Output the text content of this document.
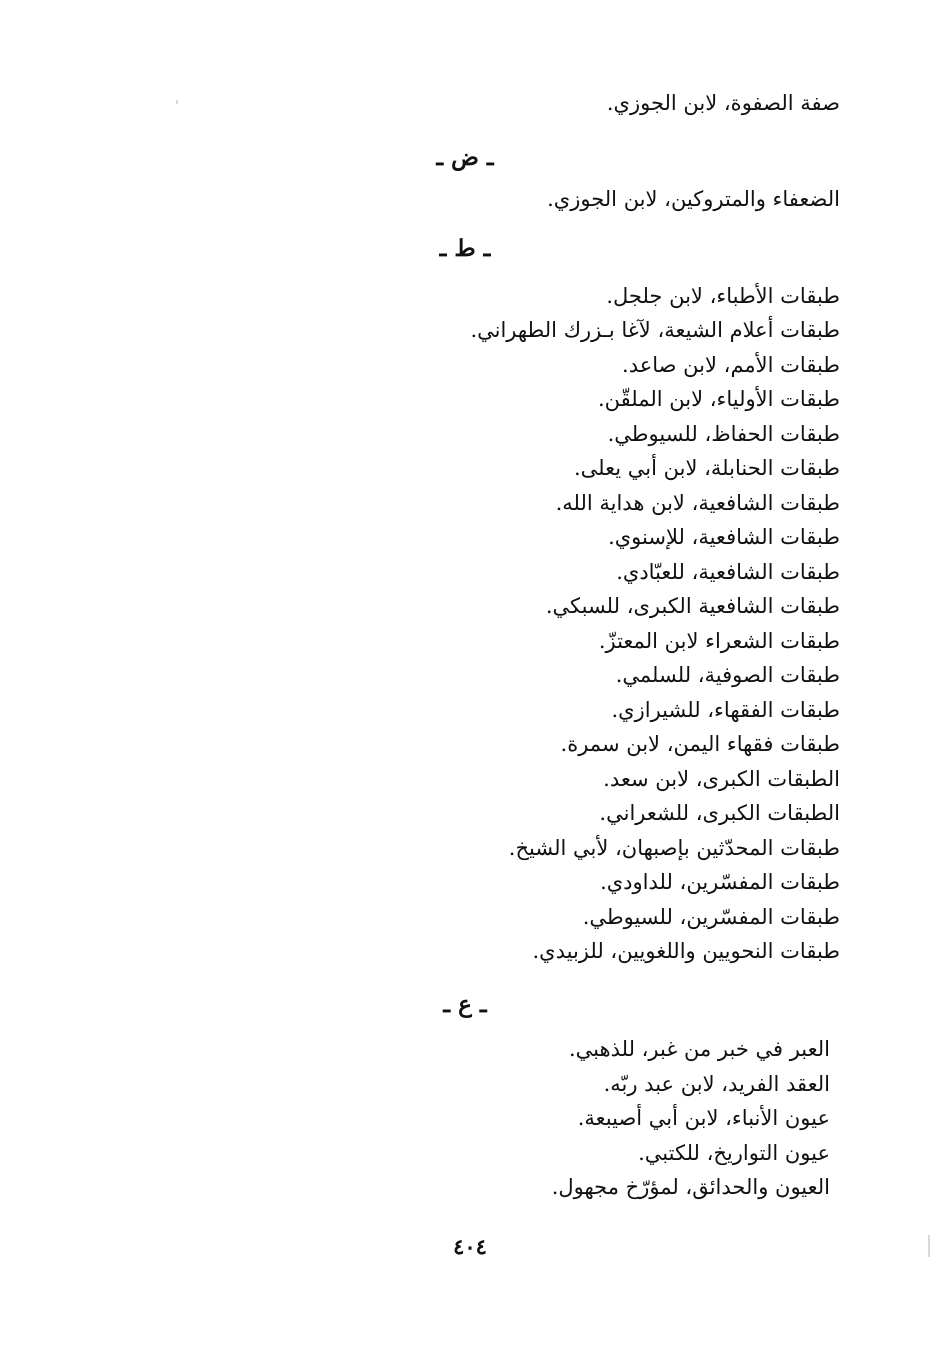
صفة الصفوة، لابن الجوزي.
ـ ض ـ
الضعفاء والمتروكين، لابن الجوزي.
ـ ط ـ
طبقات الأطباء، لابن جلجل.
طبقات أعلام الشيعة، لآغا بـزرك الطهراني.
طبقات الأمم، لابن صاعد.
طبقات الأولياء، لابن الملقّن.
طبقات الحفاظ، للسيوطي.
طبقات الحنابلة، لابن أبي يعلى.
طبقات الشافعية، لابن هداية الله.
طبقات الشافعية، للإسنوي.
طبقات الشافعية، للعبّادي.
طبقات الشافعية الكبرى، للسبكي.
طبقات الشعراء لابن المعتزّ.
طبقات الصوفية، للسلمي.
طبقات الفقهاء، للشيرازي.
طبقات فقهاء اليمن، لابن سمرة.
الطبقات الكبرى، لابن سعد.
الطبقات الكبرى، للشعراني.
طبقات المحدّثين بإصبهان، لأبي الشيخ.
طبقات المفسّرين، للداودي.
طبقات المفسّرين، للسيوطي.
طبقات النحويين واللغويين، للزبيدي.
ـ ع ـ
العبر في خبر من غبر، للذهبي.
العقد الفريد، لابن عبد ربّه.
عيون الأنباء، لابن أبي أصيبعة.
عيون التواريخ، للكتبي.
العيون والحدائق، لمؤرّخ مجهول.
٤٠٤
